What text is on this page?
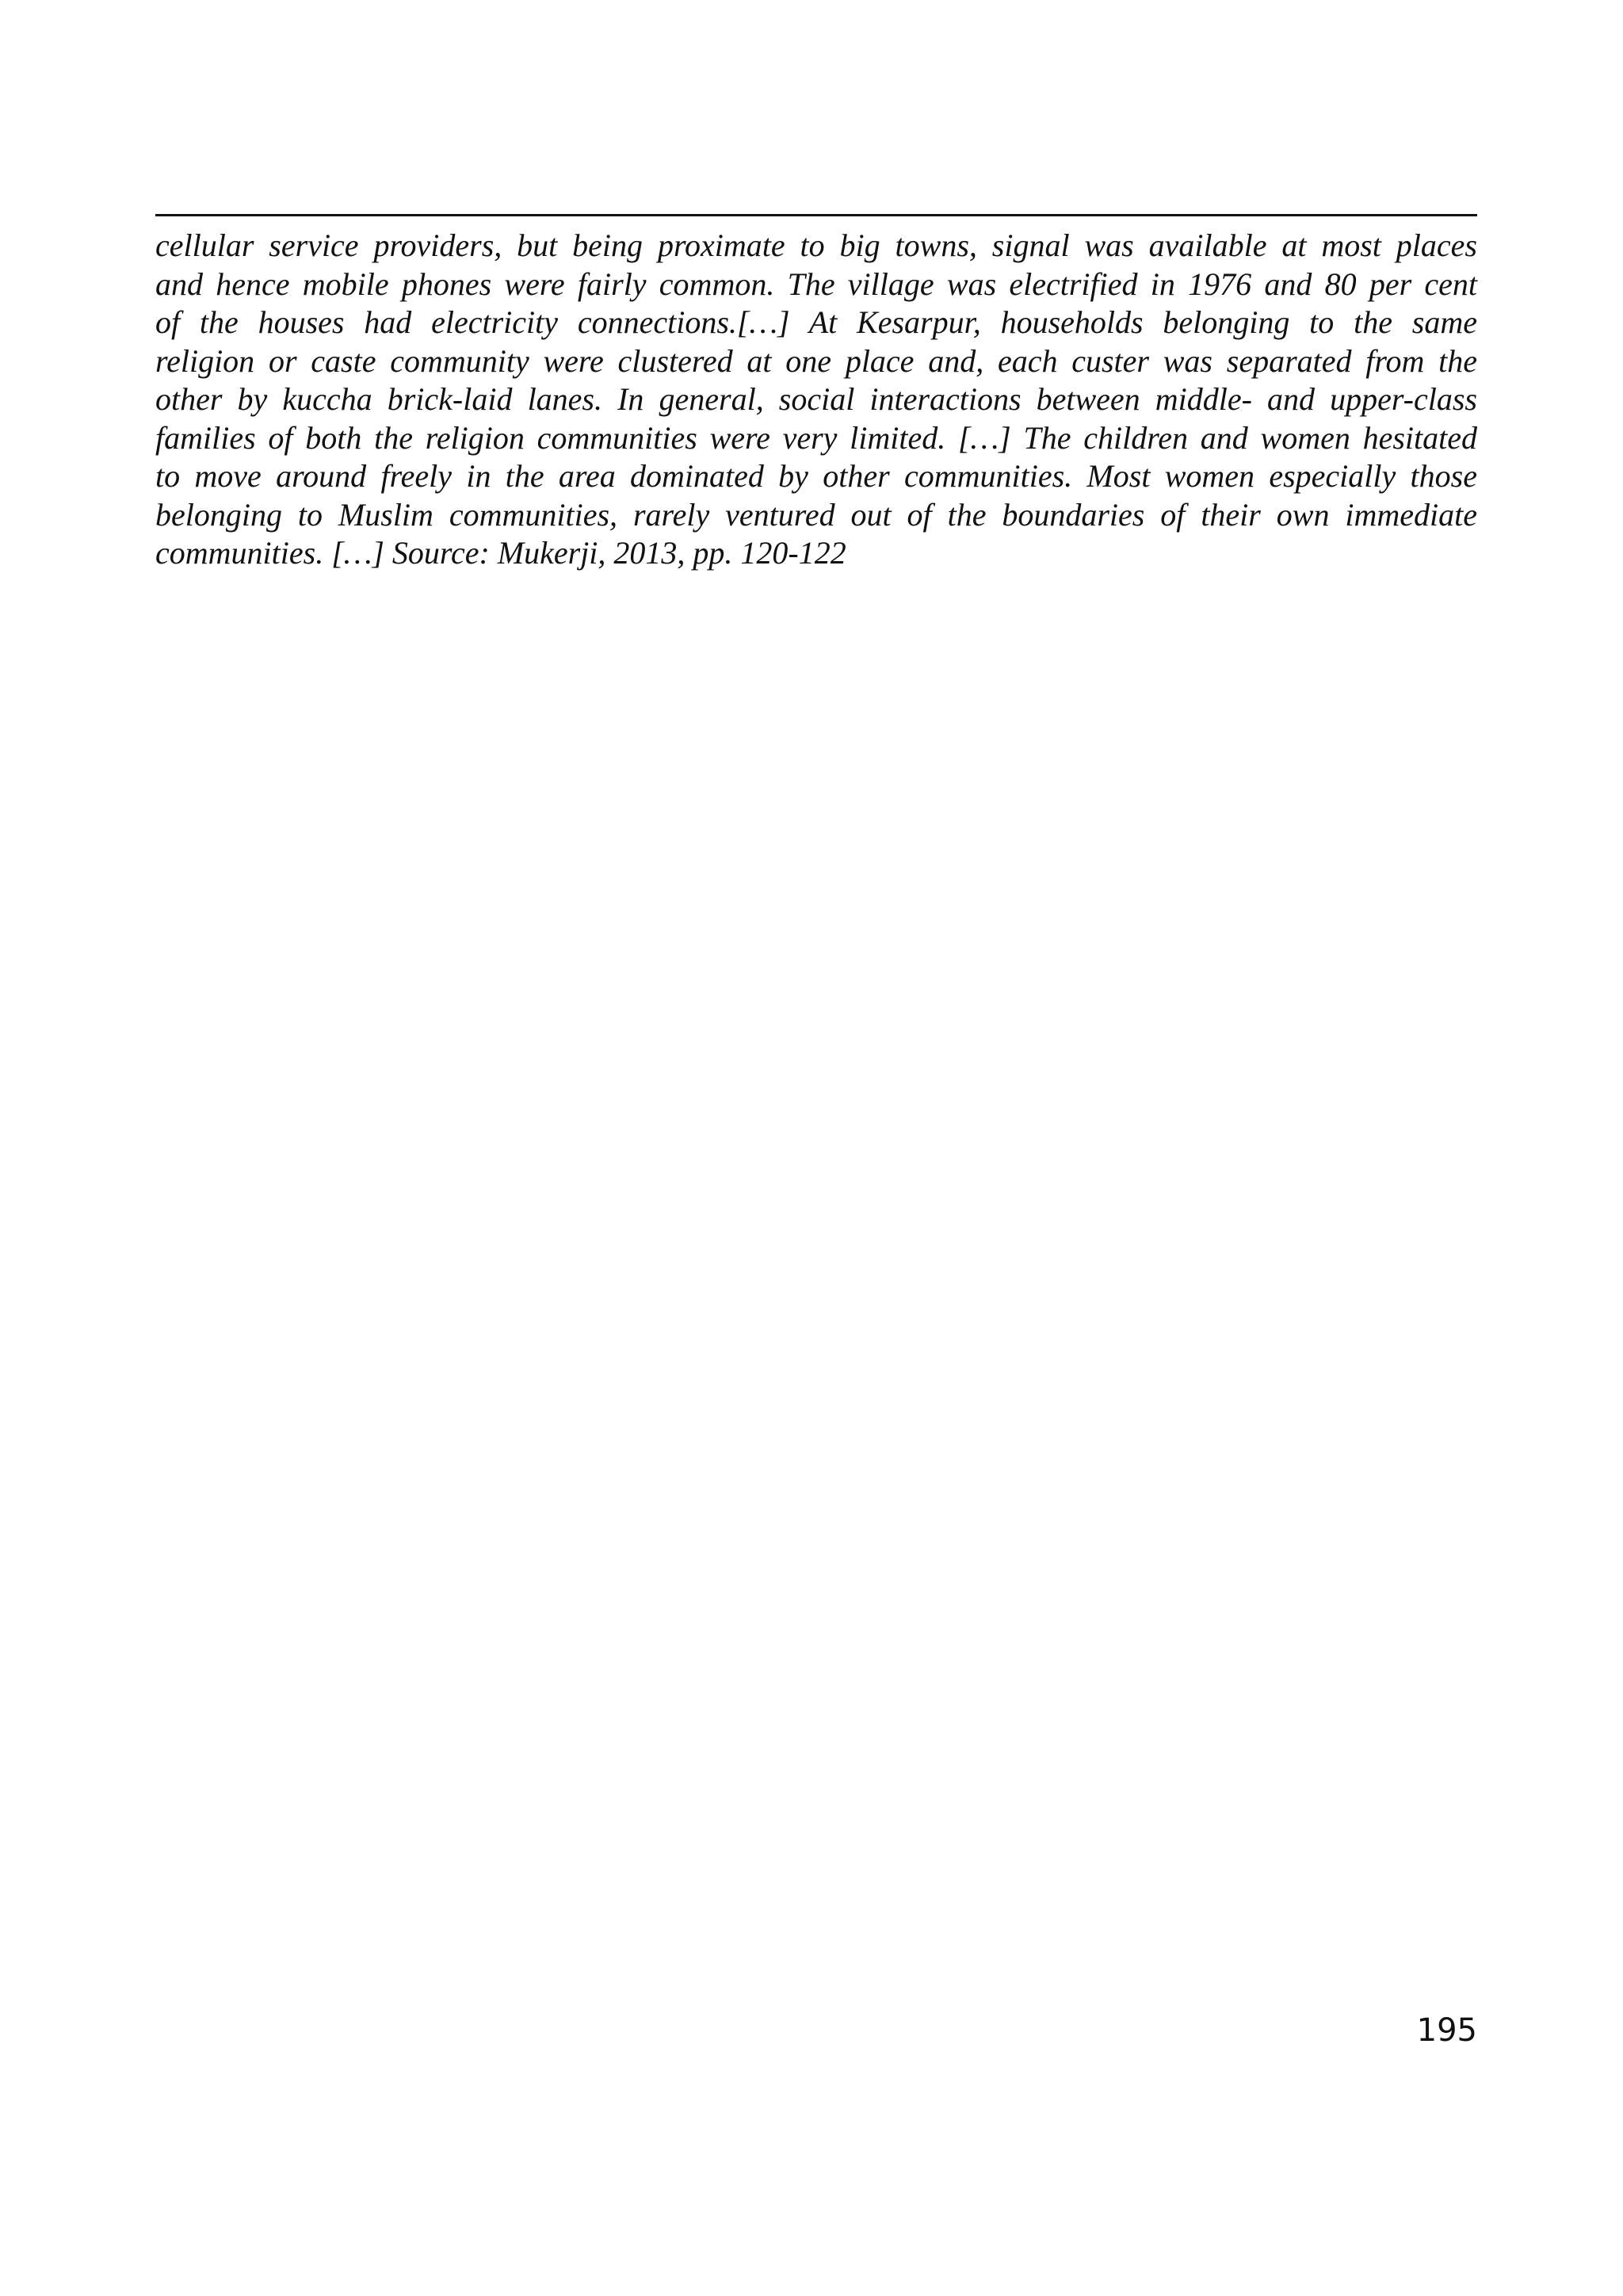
cellular service providers, but being proximate to big towns, signal was available at most places
and hence mobile phones were fairly common. The village was electrified in 1976 and 80 per cent
of the houses had electricity connections.[…] At Kesarpur, households belonging to the same
religion or caste community were clustered at one place and, each custer was separated from the
other by kuccha brick-laid lanes. In general, social interactions between middle- and upper-class
families of both the religion communities were very limited. […] The children and women hesitated
to move around freely in the area dominated by other communities. Most women especially those
belonging to Muslim communities, rarely ventured out of the boundaries of their own immediate
communities. […] Source: Mukerji, 2013, pp. 120-122
195
